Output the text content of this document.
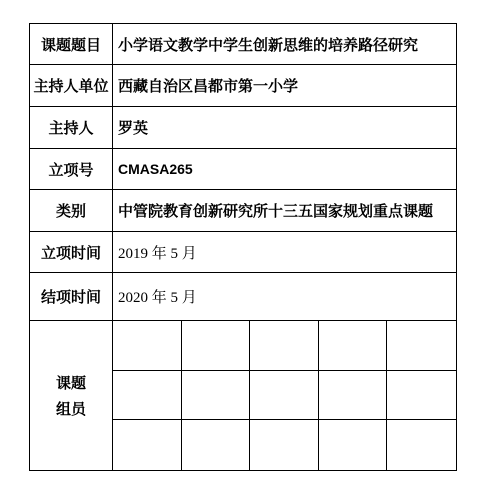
课题题目	小学语文教学中学生创新思维的培养路径研究
主持人单位 西藏自治区昌都市第一小学
主持人	罗英
立项号	CMASA265
类别	中管院教育创新研究所十三五国家规划重点课题
立项时间	2019 年 5 月
结项时间	2020 年 5 月
课题
组员
